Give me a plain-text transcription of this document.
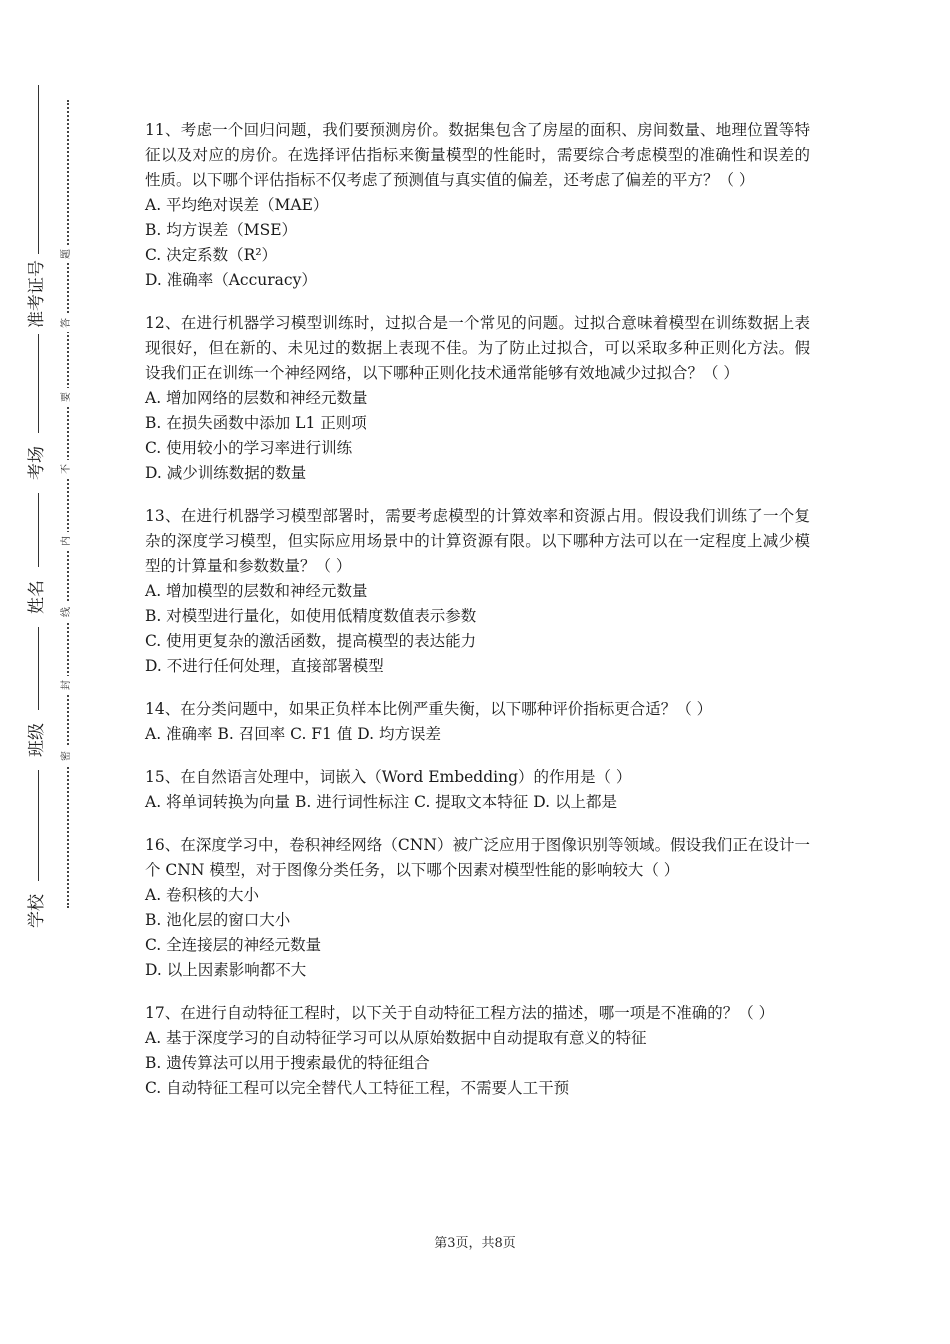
准考证号
考场
姓名
班级
学校
题
答
要
不
内
线
封
密

11、考虑一个回归问题，我们要预测房价。数据集包含了房屋的面积、房间数量、地理位置等特征以及对应的房价。在选择评估指标来衡量模型的性能时，需要综合考虑模型的准确性和误差的性质。以下哪个评估指标不仅考虑了预测值与真实值的偏差，还考虑了偏差的平方？（ ）

A. 平均绝对误差（MAE）

B. 均方误差（MSE）

C. 决定系数（R²）

D. 准确率（Accuracy）

12、在进行机器学习模型训练时，过拟合是一个常见的问题。过拟合意味着模型在训练数据上表现很好，但在新的、未见过的数据上表现不佳。为了防止过拟合，可以采取多种正则化方法。假设我们正在训练一个神经网络，以下哪种正则化技术通常能够有效地减少过拟合？（ ）

A. 增加网络的层数和神经元数量

B. 在损失函数中添加 L1 正则项

C. 使用较小的学习率进行训练

D. 减少训练数据的数量

13、在进行机器学习模型部署时，需要考虑模型的计算效率和资源占用。假设我们训练了一个复杂的深度学习模型，但实际应用场景中的计算资源有限。以下哪种方法可以在一定程度上减少模型的计算量和参数数量？（ ）

A. 增加模型的层数和神经元数量

B. 对模型进行量化，如使用低精度数值表示参数

C. 使用更复杂的激活函数，提高模型的表达能力

D. 不进行任何处理，直接部署模型

14、在分类问题中，如果正负样本比例严重失衡，以下哪种评价指标更合适？（ ）

A. 准确率 B. 召回率 C. F1 值 D. 均方误差

15、在自然语言处理中，词嵌入（Word Embedding）的作用是（ ）

A. 将单词转换为向量 B. 进行词性标注 C. 提取文本特征 D. 以上都是

16、在深度学习中，卷积神经网络（CNN）被广泛应用于图像识别等领域。假设我们正在设计一个 CNN 模型，对于图像分类任务，以下哪个因素对模型性能的影响较大（ ）

A. 卷积核的大小

B. 池化层的窗口大小

C. 全连接层的神经元数量

D. 以上因素影响都不大

17、在进行自动特征工程时，以下关于自动特征工程方法的描述，哪一项是不准确的？（ ）

A. 基于深度学习的自动特征学习可以从原始数据中自动提取有意义的特征

B. 遗传算法可以用于搜索最优的特征组合

C. 自动特征工程可以完全替代人工特征工程，不需要人工干预

第3页，共8页
